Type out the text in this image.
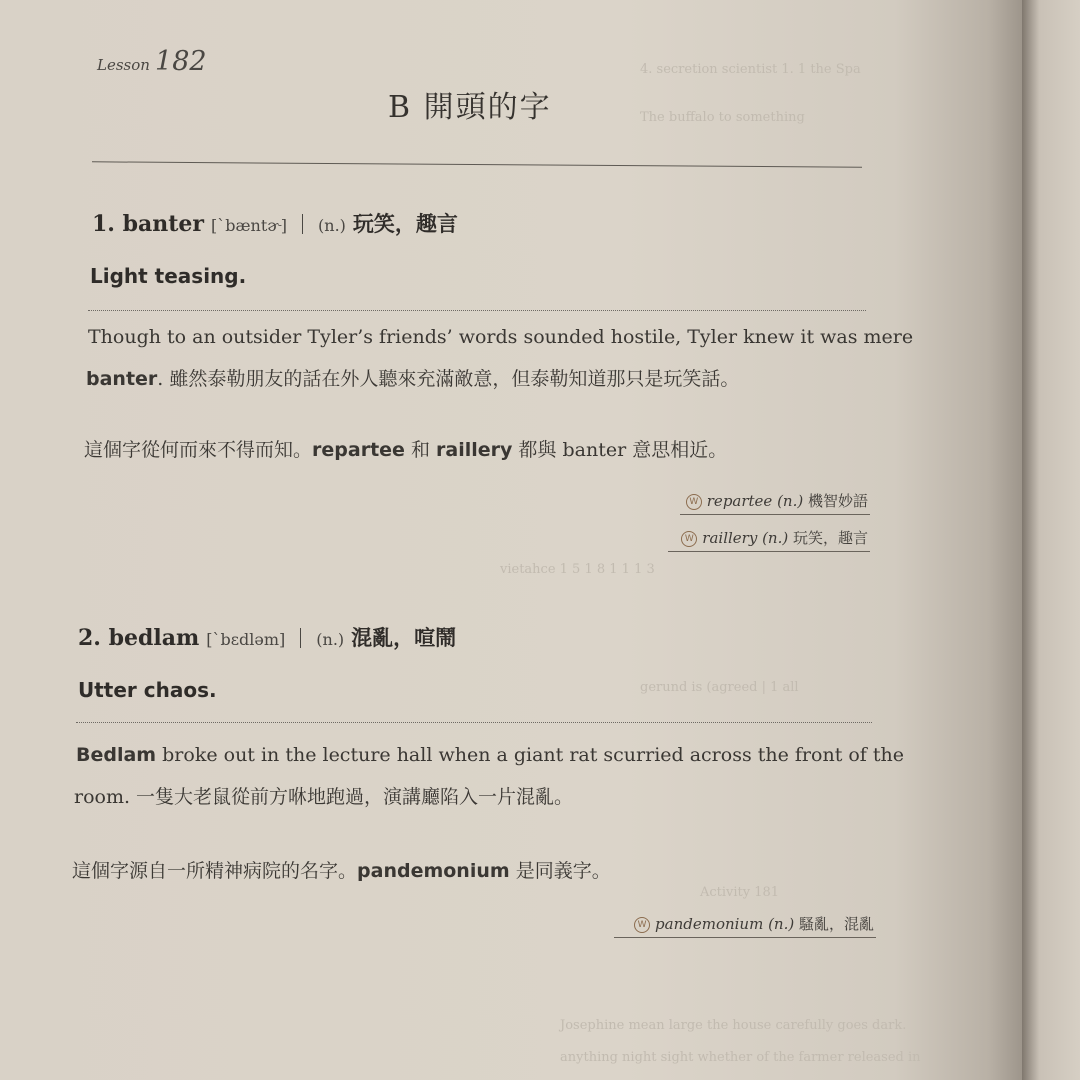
4. secretion scientist 1. 1 the Spa
The buffalo to something
vietahce 1 5 1 8 1 1 1 3
gerund is (agreed | 1 all
Activity 181
Josephine mean large the house carefully goes dark.
anything night sight whether of the farmer released in
Lesson 182
B 開頭的字
1. banter [ˋbæntɚ] (n.) 玩笑，趣言
Light teasing.
Though to an outsider Tyler’s friends’ words sounded hostile, Tyler knew it was mere
banter. 雖然泰勒朋友的話在外人聽來充滿敵意，但泰勒知道那只是玩笑話。
這個字從何而來不得而知。repartee 和 raillery 都與 banter 意思相近。
W repartee (n.) 機智妙語
W raillery (n.) 玩笑，趣言
2. bedlam [ˋbɛdləm] (n.) 混亂，喧鬧
Utter chaos.
Bedlam broke out in the lecture hall when a giant rat scurried across the front of the
room. 一隻大老鼠從前方咻地跑過，演講廳陷入一片混亂。
這個字源自一所精神病院的名字。pandemonium 是同義字。
W pandemonium (n.) 騷亂，混亂
